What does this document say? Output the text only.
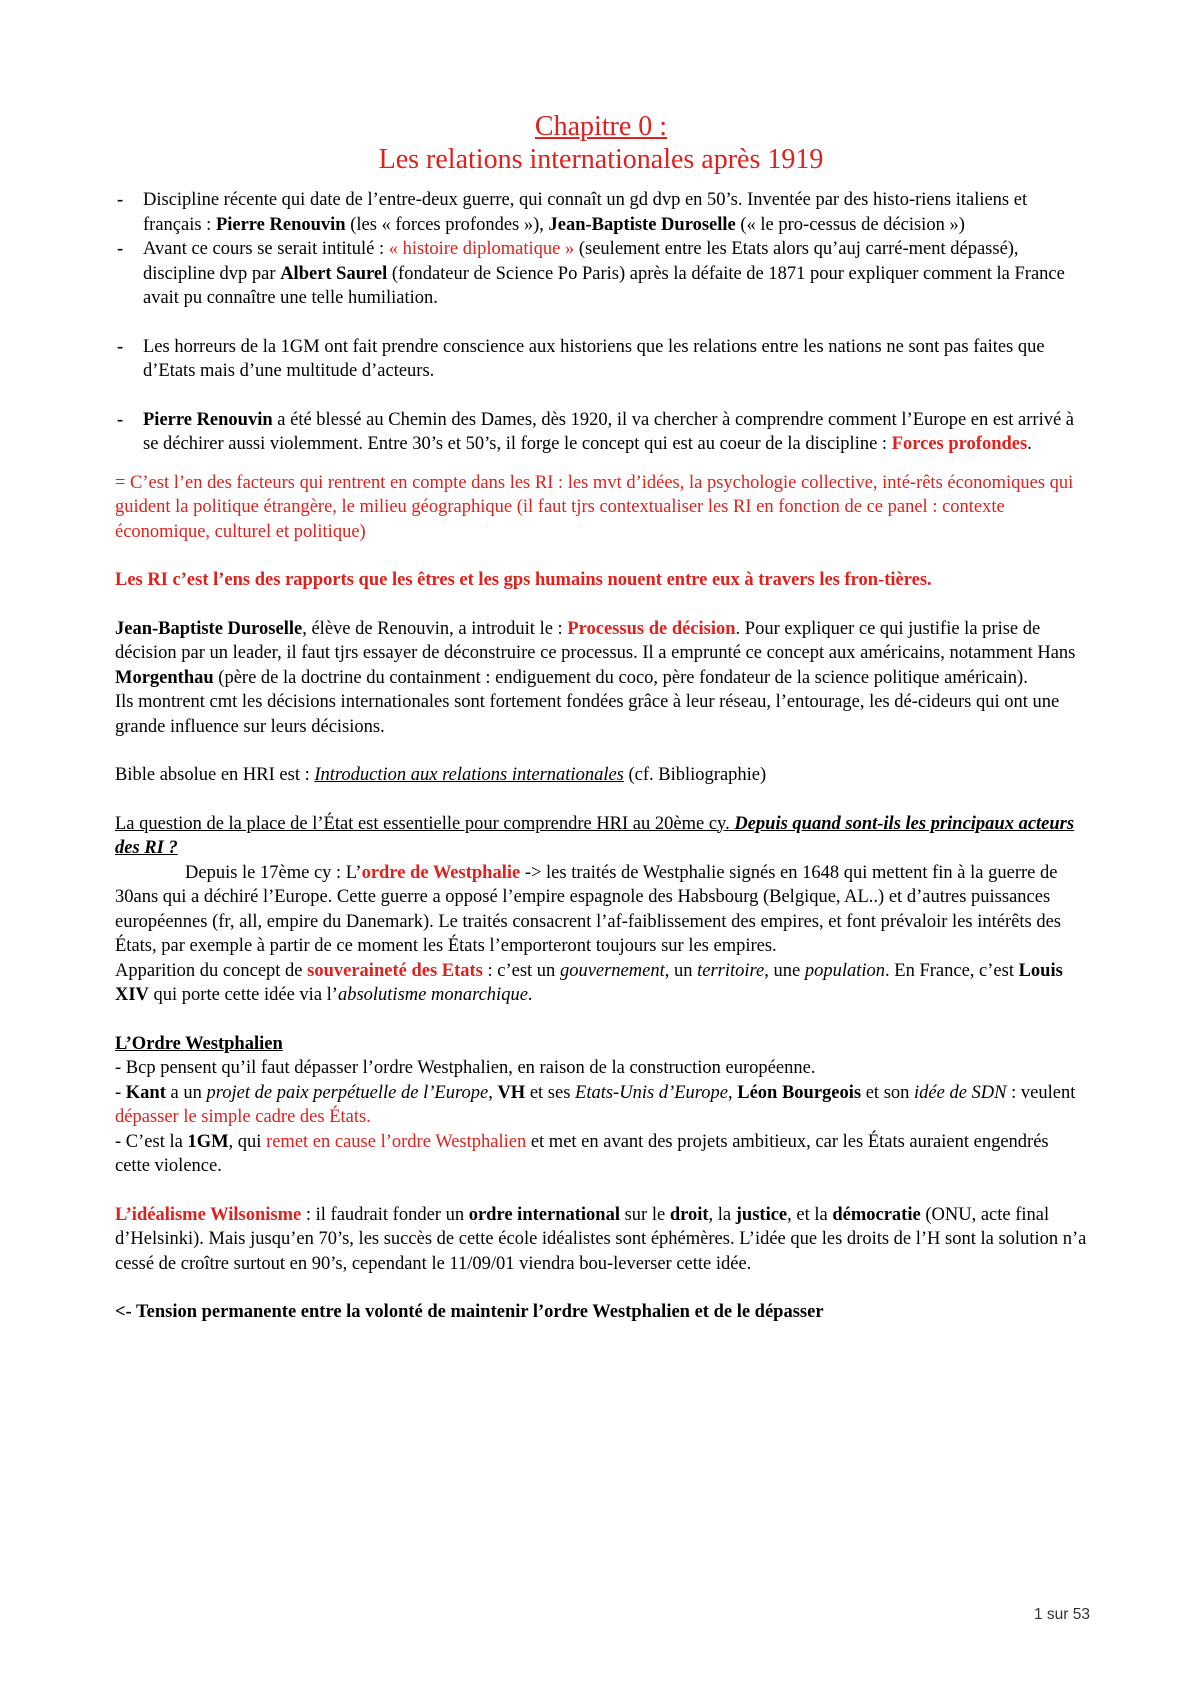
Chapitre 0 :
Les relations internationales après 1919
- Discipline récente qui date de l’entre-deux guerre, qui connaît un gd dvp en 50’s. Inventée par des histo-riens italiens et français : Pierre Renouvin (les « forces profondes »), Jean-Baptiste Duroselle (« le pro-cessus de décision »)
- Avant ce cours se serait intitulé : « histoire diplomatique » (seulement entre les Etats alors qu’auj carré-ment dépassé), discipline dvp par Albert Saurel (fondateur de Science Po Paris) après la défaite de 1871 pour expliquer comment la France avait pu connaître une telle humiliation.
- Les horreurs de la 1GM ont fait prendre conscience aux historiens que les relations entre les nations ne sont pas faites que d’Etats mais d’une multitude d’acteurs.
- Pierre Renouvin a été blessé au Chemin des Dames, dès 1920, il va chercher à comprendre comment l’Europe en est arrivé à se déchirer aussi violemment. Entre 30’s et 50’s, il forge le concept qui est au coeur de la discipline : Forces profondes.

= C’est l’en des facteurs qui rentrent en compte dans les RI : les mvt d’idées, la psychologie collective, inté-rêts économiques qui guident la politique étrangère, le milieu géographique (il faut tjrs contextualiser les RI en fonction de ce panel : contexte économique, culturel et politique)

Les RI c’est l’ens des rapports que les êtres et les gps humains nouent entre eux à travers les fron-tières.

Jean-Baptiste Duroselle, élève de Renouvin, a introduit le : Processus de décision. Pour expliquer ce qui justifie la prise de décision par un leader, il faut tjrs essayer de déconstruire ce processus. Il a emprunté ce concept aux américains, notamment Hans Morgenthau (père de la doctrine du containment : endiguement du coco, père fondateur de la science politique américain).

Ils montrent cmt les décisions internationales sont fortement fondées grâce à leur réseau, l’entourage, les dé-cideurs qui ont une grande influence sur leurs décisions.

Bible absolue en HRI est : Introduction aux relations internationales (cf. Bibliographie)

La question de la place de l’État est essentielle pour comprendre HRI au 20ème cy. Depuis quand sont-ils les principaux acteurs des RI ?

Depuis le 17ème cy : L’ordre de Westphalie -> les traités de Westphalie signés en 1648 qui mettent fin à la guerre de 30ans qui a déchiré l’Europe. Cette guerre a opposé l’empire espagnole des Habsbourg (Belgique, AL..) et d’autres puissances européennes (fr, all, empire du Danemark). Le traités consacrent l’af-faiblissement des empires, et font prévaloir les intérêts des États, par exemple à partir de ce moment les États l’emporteront toujours sur les empires.

Apparition du concept de souveraineté des Etats : c’est un gouvernement, un territoire, une population. En France, c’est Louis XIV qui porte cette idée via l’absolutisme monarchique.

L’Ordre Westphalien

- Bcp pensent qu’il faut dépasser l’ordre Westphalien, en raison de la construction européenne.

- Kant a un projet de paix perpétuelle de l’Europe, VH et ses Etats-Unis d’Europe, Léon Bourgeois et son idée de SDN : veulent dépasser le simple cadre des États.

- C’est la 1GM, qui remet en cause l’ordre Westphalien et met en avant des projets ambitieux, car les États auraient engendrés cette violence.

L’idéalisme Wilsonisme : il faudrait fonder un ordre international sur le droit, la justice, et la démocratie (ONU, acte final d’Helsinki). Mais jusqu’en 70’s, les succès de cette école idéalistes sont éphémères. L’idée que les droits de l’H sont la solution n’a cessé de croître surtout en 90’s, cependant le 11/09/01 viendra bou-leverser cette idée.

<- Tension permanente entre la volonté de maintenir l’ordre Westphalien et de le dépasser

1 sur 53
